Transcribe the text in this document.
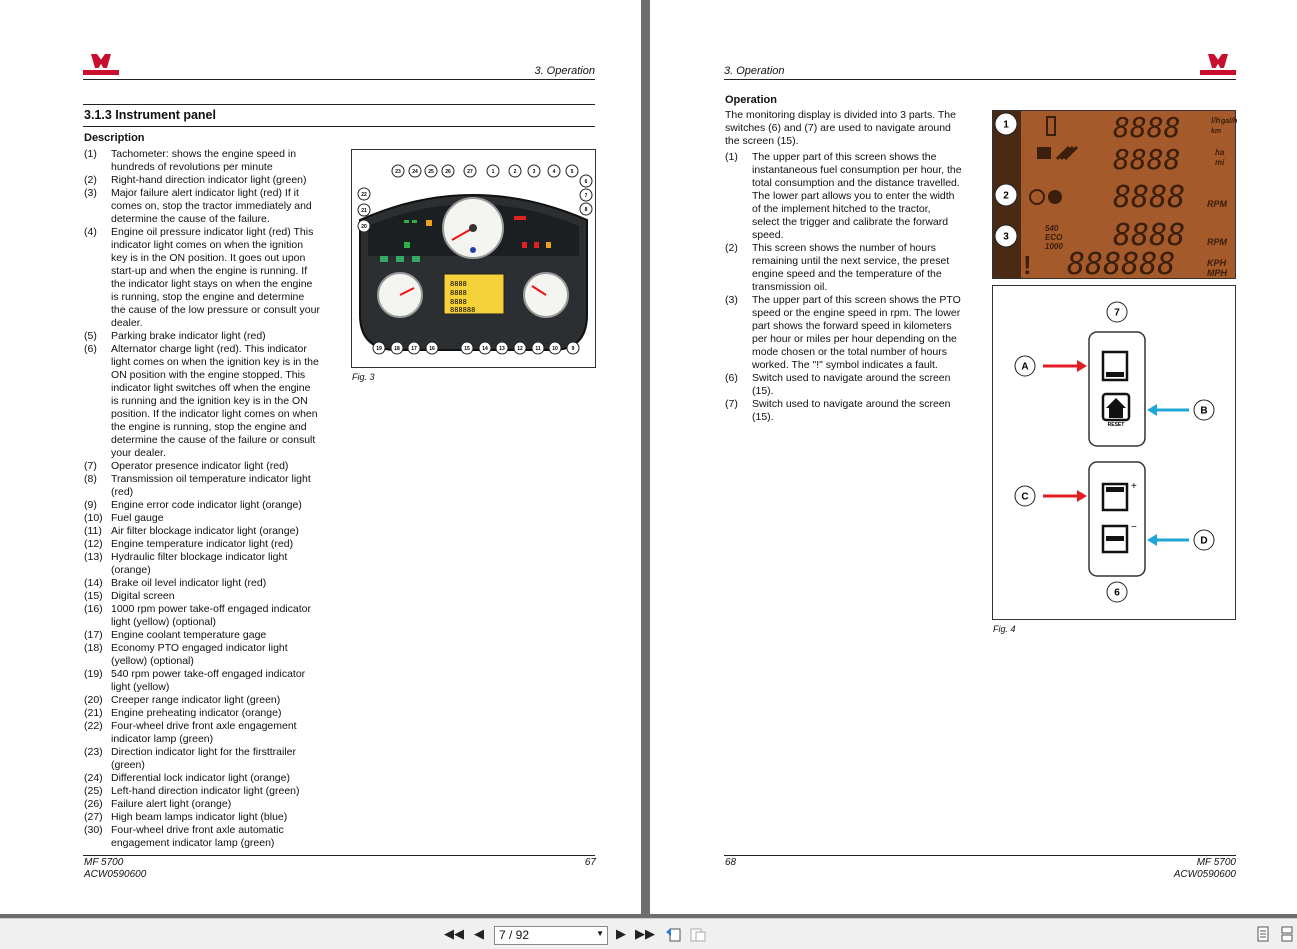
3. Operation
3.1.3 Instrument panel
Description
(1) Tachometer: shows the engine speed in
hundreds of revolutions per minute
(2) Right-hand direction indicator light (green)
(3) Major failure alert indicator light (red) If it
comes on, stop the tractor immediately and
determine the cause of the failure.
(4) Engine oil pressure indicator light (red) This
indicator light comes on when the ignition
key is in the ON position. It goes out upon
start-up and when the engine is running. If
the indicator light stays on when the engine
is running, stop the engine and determine
the cause of the low pressure or consult your
dealer.
(5) Parking brake indicator light (red)
(6) Alternator charge light (red). This indicator
light comes on when the ignition key is in the
ON position with the engine stopped. This
indicator light switches off when the engine
is running and the ignition key is in the ON
position. If the indicator light comes on when
the engine is running, stop the engine and
determine the cause of the failure or consult
your dealer.
(7) Operator presence indicator light (red)
(8) Transmission oil temperature indicator light
(red)
(9) Engine error code indicator light (orange)
(10) Fuel gauge
(11) Air filter blockage indicator light (orange)
(12) Engine temperature indicator light (red)
(13) Hydraulic filter blockage indicator light
(orange)
(14) Brake oil level indicator light (red)
(15) Digital screen
(16) 1000 rpm power take-off engaged indicator
light (yellow) (optional)
(17) Engine coolant temperature gage
(18) Economy PTO engaged indicator light
(yellow) (optional)
(19) 540 rpm power take-off engaged indicator
light (yellow)
(20) Creeper range indicator light (green)
(21) Engine preheating indicator (orange)
(22) Four-wheel drive front axle engagement
indicator lamp (green)
(23) Direction indicator light for the firsttrailer
(green)
(24) Differential lock indicator light (orange)
(25) Left-hand direction indicator light (green)
(26) Failure alert light (orange)
(27) High beam lamps indicator light (blue)
(30) Four-wheel drive front axle automatic
engagement indicator lamp (green)
8888
8888
8888
888888
23 24 25 26	27	1	2	3	4	5
22
21
20
6
7
8
19 18 17 16	15 14 13 12	11 10	9
Fig. 3
MF 5700
ACW0590600
67
3. Operation
Operation
The monitoring display is divided into 3 parts. The
switches (6) and (7) are used to navigate around
the screen (15).
(1) The upper part of this screen shows the
instantaneous fuel consumption per hour, the
total consumption and the distance travelled.
The lower part allows you to enter the width
of the implement hitched to the tractor,
select the trigger and calibrate the forward
speed.
(2) This screen shows the number of hours
remaining until the next service, the preset
engine speed and the temperature of the
transmission oil.
(3) The upper part of this screen shows the PTO
speed or the engine speed in rpm. The lower
part shows the forward speed in kilometers
per hour or miles per hour depending on the
mode chosen or the total number of hours
worked. The "!" symbol indicates a fault.
(6) Switch used to navigate around the screen
(15).
(7) Switch used to navigate around the screen
(15).
8888
8888
8888
8888
888888
l/h gal/h
km
ha
mi
RPM
RPM
KPH
MPH
540
ECO
1000
!
1
2
3
RESET
+
−
7
6
A
B
C
D
Fig. 4
68	MF 5700
ACW0590600
◀◀ ◀ 7 / 92	▼ ▶ ▶▶
